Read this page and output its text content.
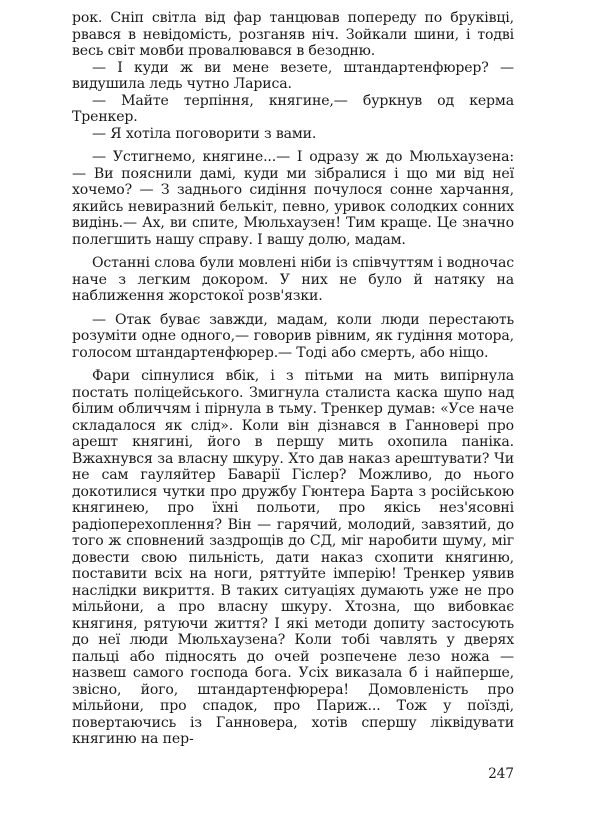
рок. Сніп світла від фар танцював попереду по бруківці, рвався в невідомість, розганяв ніч. Зойкали шини, і тодві весь світ мовби провалювався в безодню.

— І куди ж ви мене везете, штандартенфюрер? — видушила ледь чутно Лариса.

— Майте терпіння, княгине,— буркнув од керма Тренкер.

— Я хотіла поговорити з вами.

— Устигнемо, княгине...— І одразу ж до Мюльхаузена: — Ви пояснили дамі, куди ми зібралися і що ми від неї хочемо? — З заднього сидіння почулося сонне харчання, якийсь невиразний белькіт, певно, уривок солодких сонних видінь.— Ах, ви спите, Мюльхаузен! Тим краще. Це значно полегшить нашу справу. І вашу долю, мадам.

Останні слова були мовлені ніби із співчуттям і водночас наче з легким докором. У них не було й натяку на наближення жорстокої розв'язки.

— Отак буває завжди, мадам, коли люди перестають розуміти одне одного,— говорив рівним, як гудіння мотора, голосом штандартенфюрер.— Тоді або смерть, або ніщо.

Фари сіпнулися вбік, і з пітьми на мить випірнула постать поліцейського. Змигнула сталиста каска шупо над білим обличчям і пірнула в тьму. Тренкер думав: «Усе наче складалося як слід». Коли він дізнався в Ганновері про арешт княгині, його в першу мить охопила паніка. Вжахнувся за власну шкуру. Хто дав наказ арештувати? Чи не сам гауляйтер Баварії Гіслер? Можливо, до нього докотилися чутки про дружбу Гюнтера Барта з російською княгинею, про їхні польоти, про якісь нез'ясовні радіоперехоплення? Він — гарячий, молодий, завзятий, до того ж сповнений заздрощів до СД, міг наробити шуму, міг довести свою пильність, дати наказ схопити княгиню, поставити всіх на ноги, ряттуйте імперію! Тренкер уявив наслідки викриття. В таких ситуаціях думають уже не про мільйони, а про власну шкуру. Хтозна, що вибовкає княгиня, рятуючи життя? І які методи допиту застосують до неї люди Мюльхаузена? Коли тобі чавлять у дверях пальці або підносять до очей розпечене лезо ножа — назвеш самого господа бога. Усіх виказала б і найперше, звісно, його, штандартенфюрера! Домовленість про мільйони, про спадок, про Париж... Тож у поїзді, повертаючись із Ганновера, хотів спершу ліквідувати княгиню на пер-

247
